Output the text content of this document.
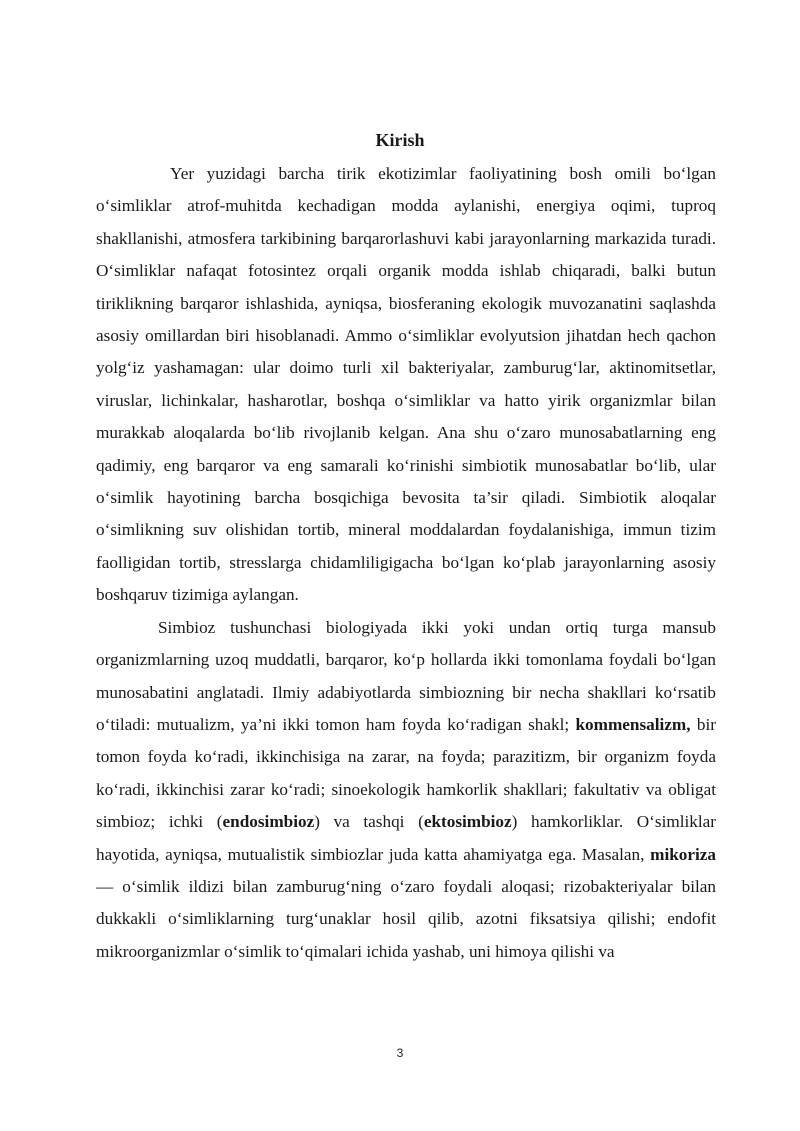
Kirish

Yer yuzidagi barcha tirik ekotizimlar faoliyatining bosh omili bo‘lgan o‘simliklar atrof-muhitda kechadigan modda aylanishi, energiya oqimi, tuproq shakllanishi, atmosfera tarkibining barqarorlashuvi kabi jarayonlarning markazida turadi. O‘simliklar nafaqat fotosintez orqali organik modda ishlab chiqaradi, balki butun tiriklikning barqaror ishlashida, ayniqsa, biosferaning ekologik muvozanatini saqlashda asosiy omillardan biri hisoblanadi. Ammo o‘simliklar evolyutsion jihatdan hech qachon yolg‘iz yashamagan: ular doimo turli xil bakteriyalar, zamburug‘lar, aktinomitsetlar, viruslar, lichinkalar, hasharotlar, boshqa o‘simliklar va hatto yirik organizmlar bilan murakkab aloqalarda bo‘lib rivojlanib kelgan. Ana shu o‘zaro munosabatlarning eng qadimiy, eng barqaror va eng samarali ko‘rinishi simbiotik munosabatlar bo‘lib, ular o‘simlik hayotining barcha bosqichiga bevosita ta’sir qiladi. Simbiotik aloqalar o‘simlikning suv olishidan tortib, mineral moddalardan foydalanishiga, immun tizim faolligidan tortib, stresslarga chidamliligigacha bo‘lgan ko‘plab jarayonlarning asosiy boshqaruv tizimiga aylangan.

Simbioz tushunchasi biologiyada ikki yoki undan ortiq turga mansub organizmlarning uzoq muddatli, barqaror, ko‘p hollarda ikki tomonlama foydali bo‘lgan munosabatini anglatadi. Ilmiy adabiyotlarda simbiozning bir necha shakllari ko‘rsatib o‘tiladi: mutualizm, ya’ni ikki tomon ham foyda ko‘radigan shakl; kommensalizm, bir tomon foyda ko‘radi, ikkinchisiga na zarar, na foyda; parazitizm, bir organizm foyda ko‘radi, ikkinchisi zarar ko‘radi; sinoekologik hamkorlik shakllari; fakultativ va obligat simbioz; ichki (endosimbioz) va tashqi (ektosimbioz) hamkorliklar. O‘simliklar hayotida, ayniqsa, mutualistik simbiozlar juda katta ahamiyatga ega. Masalan, mikoriza — o‘simlik ildizi bilan zamburug‘ning o‘zaro foydali aloqasi; rizobakteriyalar bilan dukkakli o‘simliklarning turg‘unaklar hosil qilib, azotni fiksatsiya qilishi; endofit mikroorganizmlar o‘simlik to‘qimalari ichida yashab, uni himoya qilishi va

3
